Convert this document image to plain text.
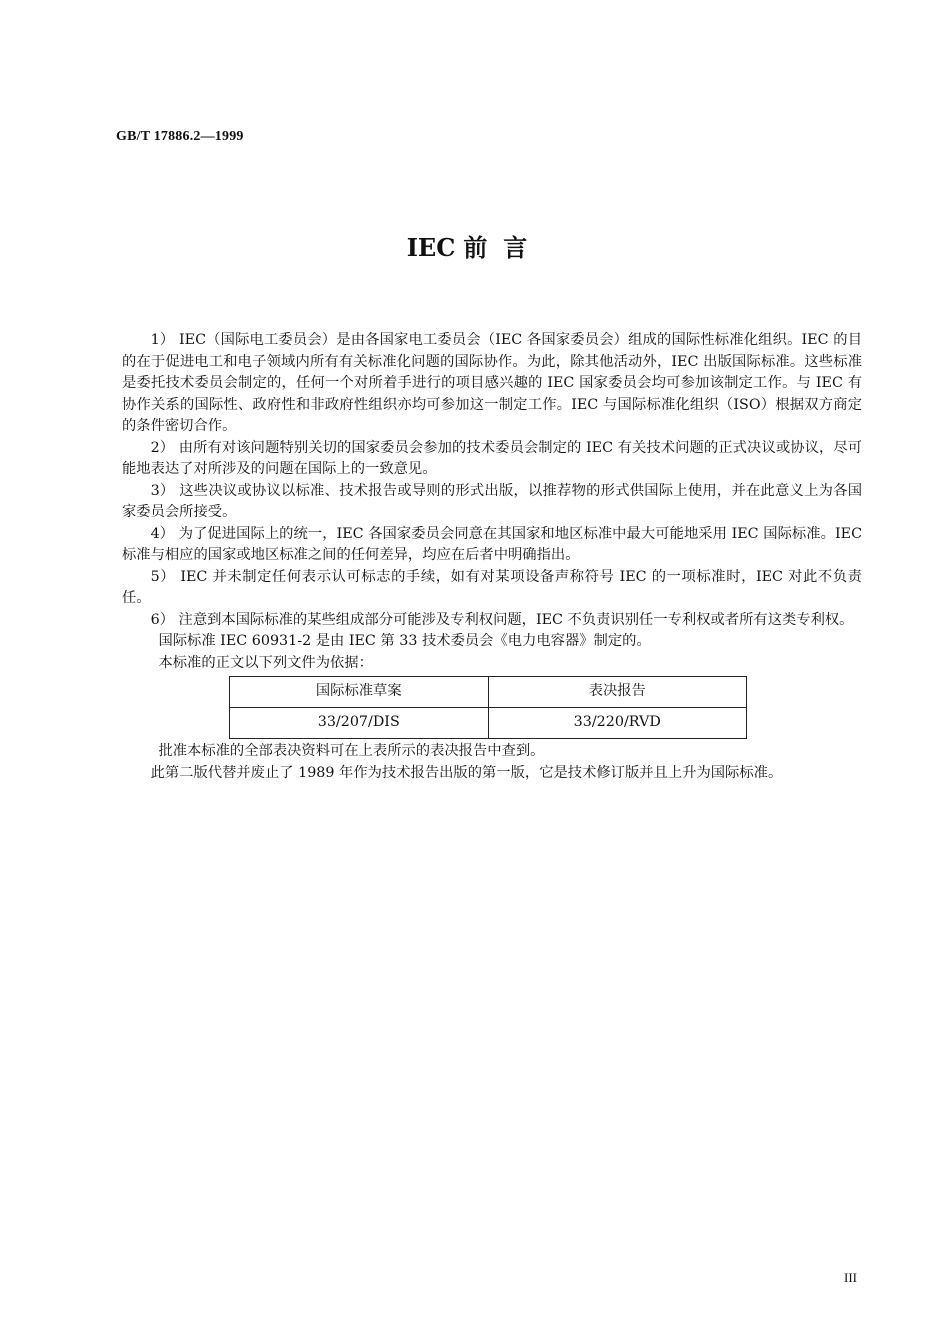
GB/T 17886.2—1999
IEC 前言

1） IEC（国际电工委员会）是由各国家电工委员会（IEC 各国家委员会）组成的国际性标准化组织。IEC 的目的在于促进电工和电子领域内所有有关标准化问题的国际协作。为此，除其他活动外，IEC 出版国际标准。这些标准是委托技术委员会制定的，任何一个对所着手进行的项目感兴趣的 IEC 国家委员会均可参加该制定工作。与 IEC 有协作关系的国际性、政府性和非政府性组织亦均可参加这一制定工作。IEC 与国际标准化组织（ISO）根据双方商定的条件密切合作。

2） 由所有对该问题特别关切的国家委员会参加的技术委员会制定的 IEC 有关技术问题的正式决议或协议，尽可能地表达了对所涉及的问题在国际上的一致意见。

3） 这些决议或协议以标准、技术报告或导则的形式出版，以推荐物的形式供国际上使用，并在此意义上为各国家委员会所接受。

4） 为了促进国际上的统一，IEC 各国家委员会同意在其国家和地区标准中最大可能地采用 IEC 国际标准。IEC 标准与相应的国家或地区标准之间的任何差异，均应在后者中明确指出。

5） IEC 并未制定任何表示认可标志的手续，如有对某项设备声称符号 IEC 的一项标准时，IEC 对此不负责任。

6） 注意到本国际标准的某些组成部分可能涉及专利权问题，IEC 不负责识别任一专利权或者所有这类专利权。

国际标准 IEC 60931-2 是由 IEC 第 33 技术委员会《电力电容器》制定的。

本标准的正文以下列文件为依据：

国际标准草案	表决报告
33/207/DIS	33/220/RVD

批准本标准的全部表决资料可在上表所示的表决报告中查到。

此第二版代替并废止了 1989 年作为技术报告出版的第一版，它是技术修订版并且上升为国际标准。

III
